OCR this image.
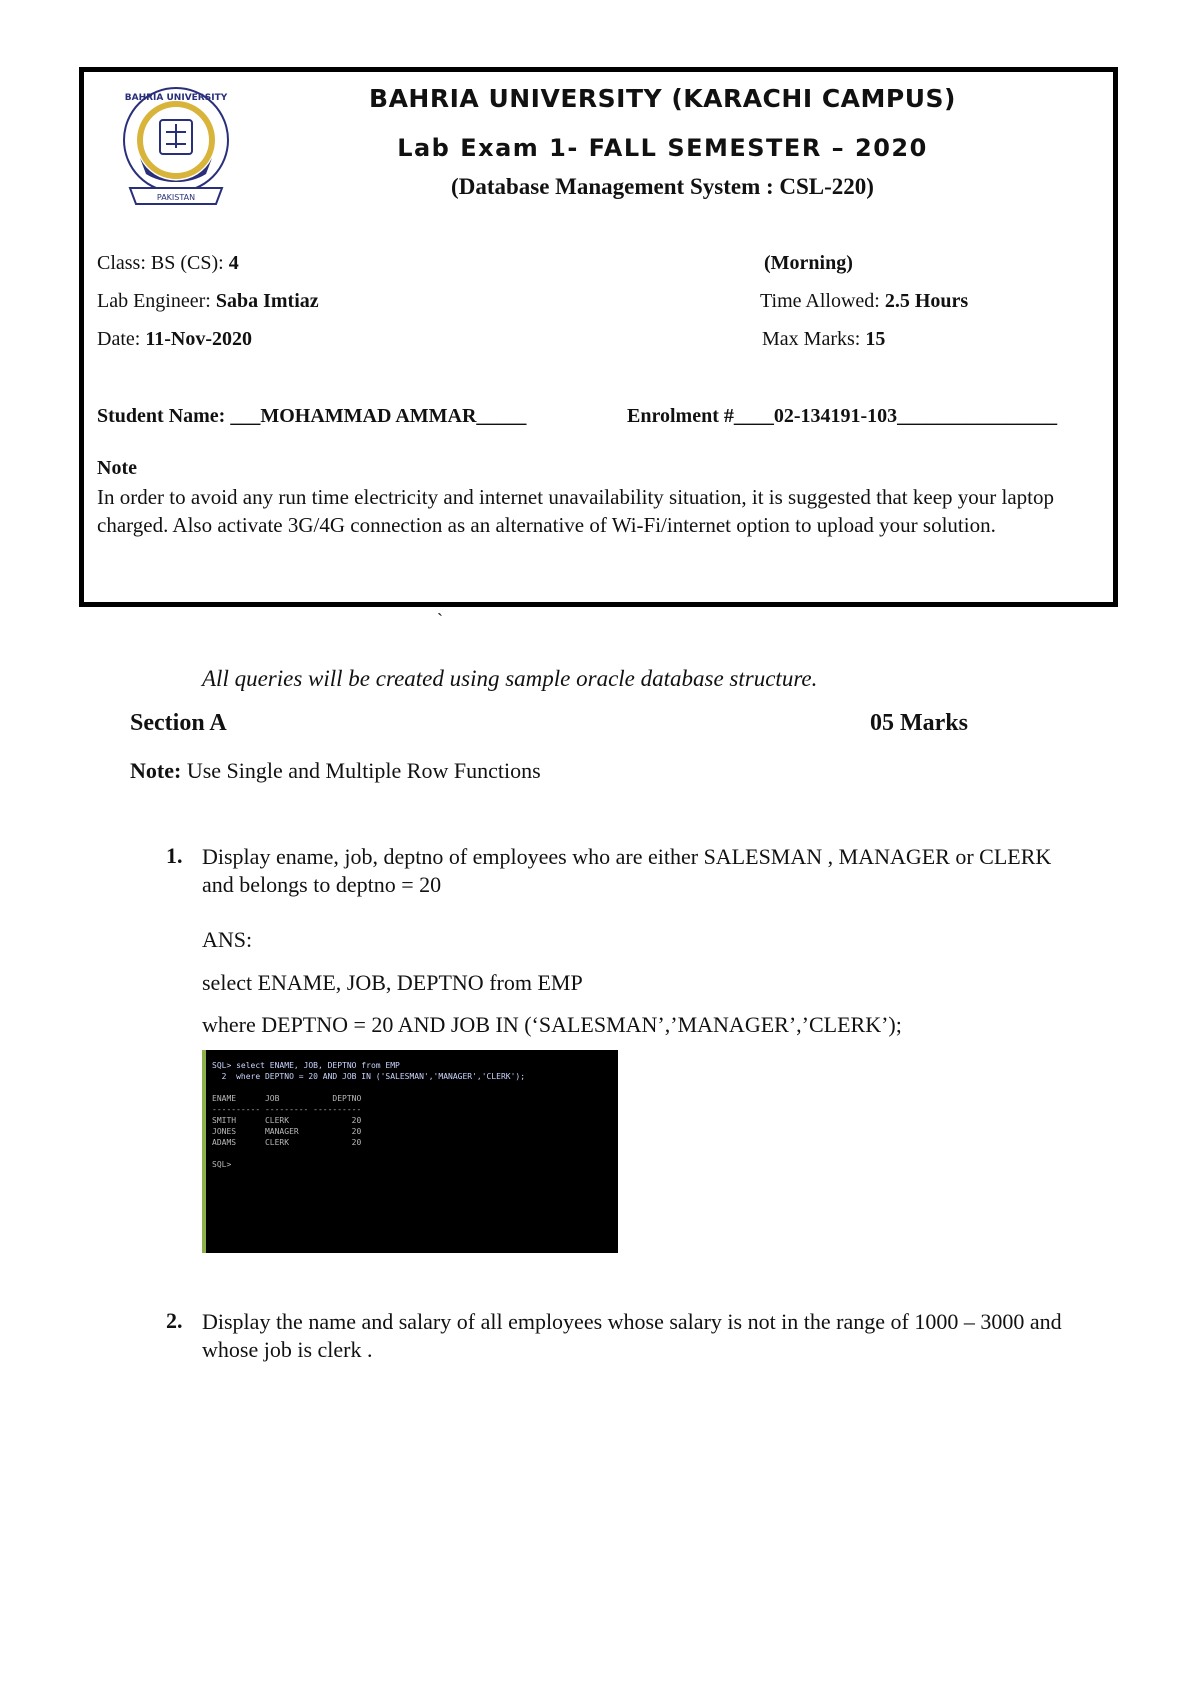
BAHRIA UNIVERSITY
PAKISTAN
BAHRIA UNIVERSITY (KARACHI CAMPUS)
Lab Exam 1- FALL SEMESTER – 2020
(Database Management System : CSL-220)
Class: BS (CS): 4	(Morning)
Lab Engineer: Saba Imtiaz	Time Allowed: 2.5 Hours
Date: 11-Nov-2020	Max Marks: 15
Student Name: ___MOHAMMAD AMMAR_____	Enrolment #____02-134191-103________________
Note
In order to avoid any run time electricity and internet unavailability situation, it is suggested that keep your laptop charged. Also activate 3G/4G connection as an alternative of Wi-Fi/internet option to upload your solution.
`
All queries will be created using sample oracle database structure.
Section A	05 Marks
Note: Use Single and Multiple Row Functions
1. Display ename, job, deptno of employees who are either SALESMAN , MANAGER or CLERK and belongs to deptno = 20
ANS:
select ENAME, JOB, DEPTNO from EMP
where DEPTNO = 20 AND JOB IN (‘SALESMAN’,’MANAGER’,’CLERK’);
SQL> select ENAME, JOB, DEPTNO from EMP
2  where DEPTNO = 20 AND JOB IN ('SALESMAN','MANAGER','CLERK');

ENAME      JOB           DEPTNO
---------- --------- ----------
SMITH      CLERK             20
JONES      MANAGER           20
ADAMS      CLERK             20

SQL>
2. Display the name and salary of all employees whose salary is not in the range of 1000 – 3000 and whose job is clerk .
